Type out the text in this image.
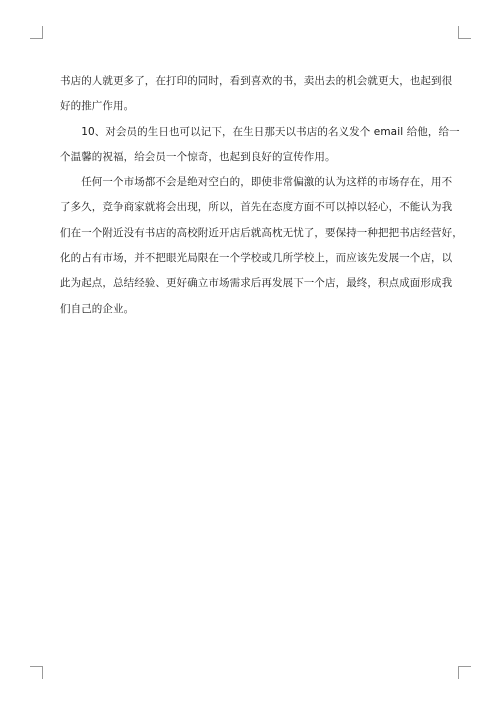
书店的人就更多了，在打印的同时，看到喜欢的书，卖出去的机会就更大，也起到很
好的推广作用。
　　10、对会员的生日也可以记下，在生日那天以书店的名义发个 email 给他，给一
个温馨的祝福，给会员一个惊奇，也起到良好的宣传作用。
　　任何一个市场都不会是绝对空白的，即使非常偏激的认为这样的市场存在，用不
了多久，竞争商家就将会出现，所以，首先在态度方面不可以掉以轻心，不能认为我
们在一个附近没有书店的高校附近开店后就高枕无忧了，要保持一种把把书店经营好，
化的占有市场，并不把眼光局限在一个学校或几所学校上，而应该先发展一个店，以
此为起点，总结经验、更好确立市场需求后再发展下一个店，最终，积点成面形成我
们自己的企业。
